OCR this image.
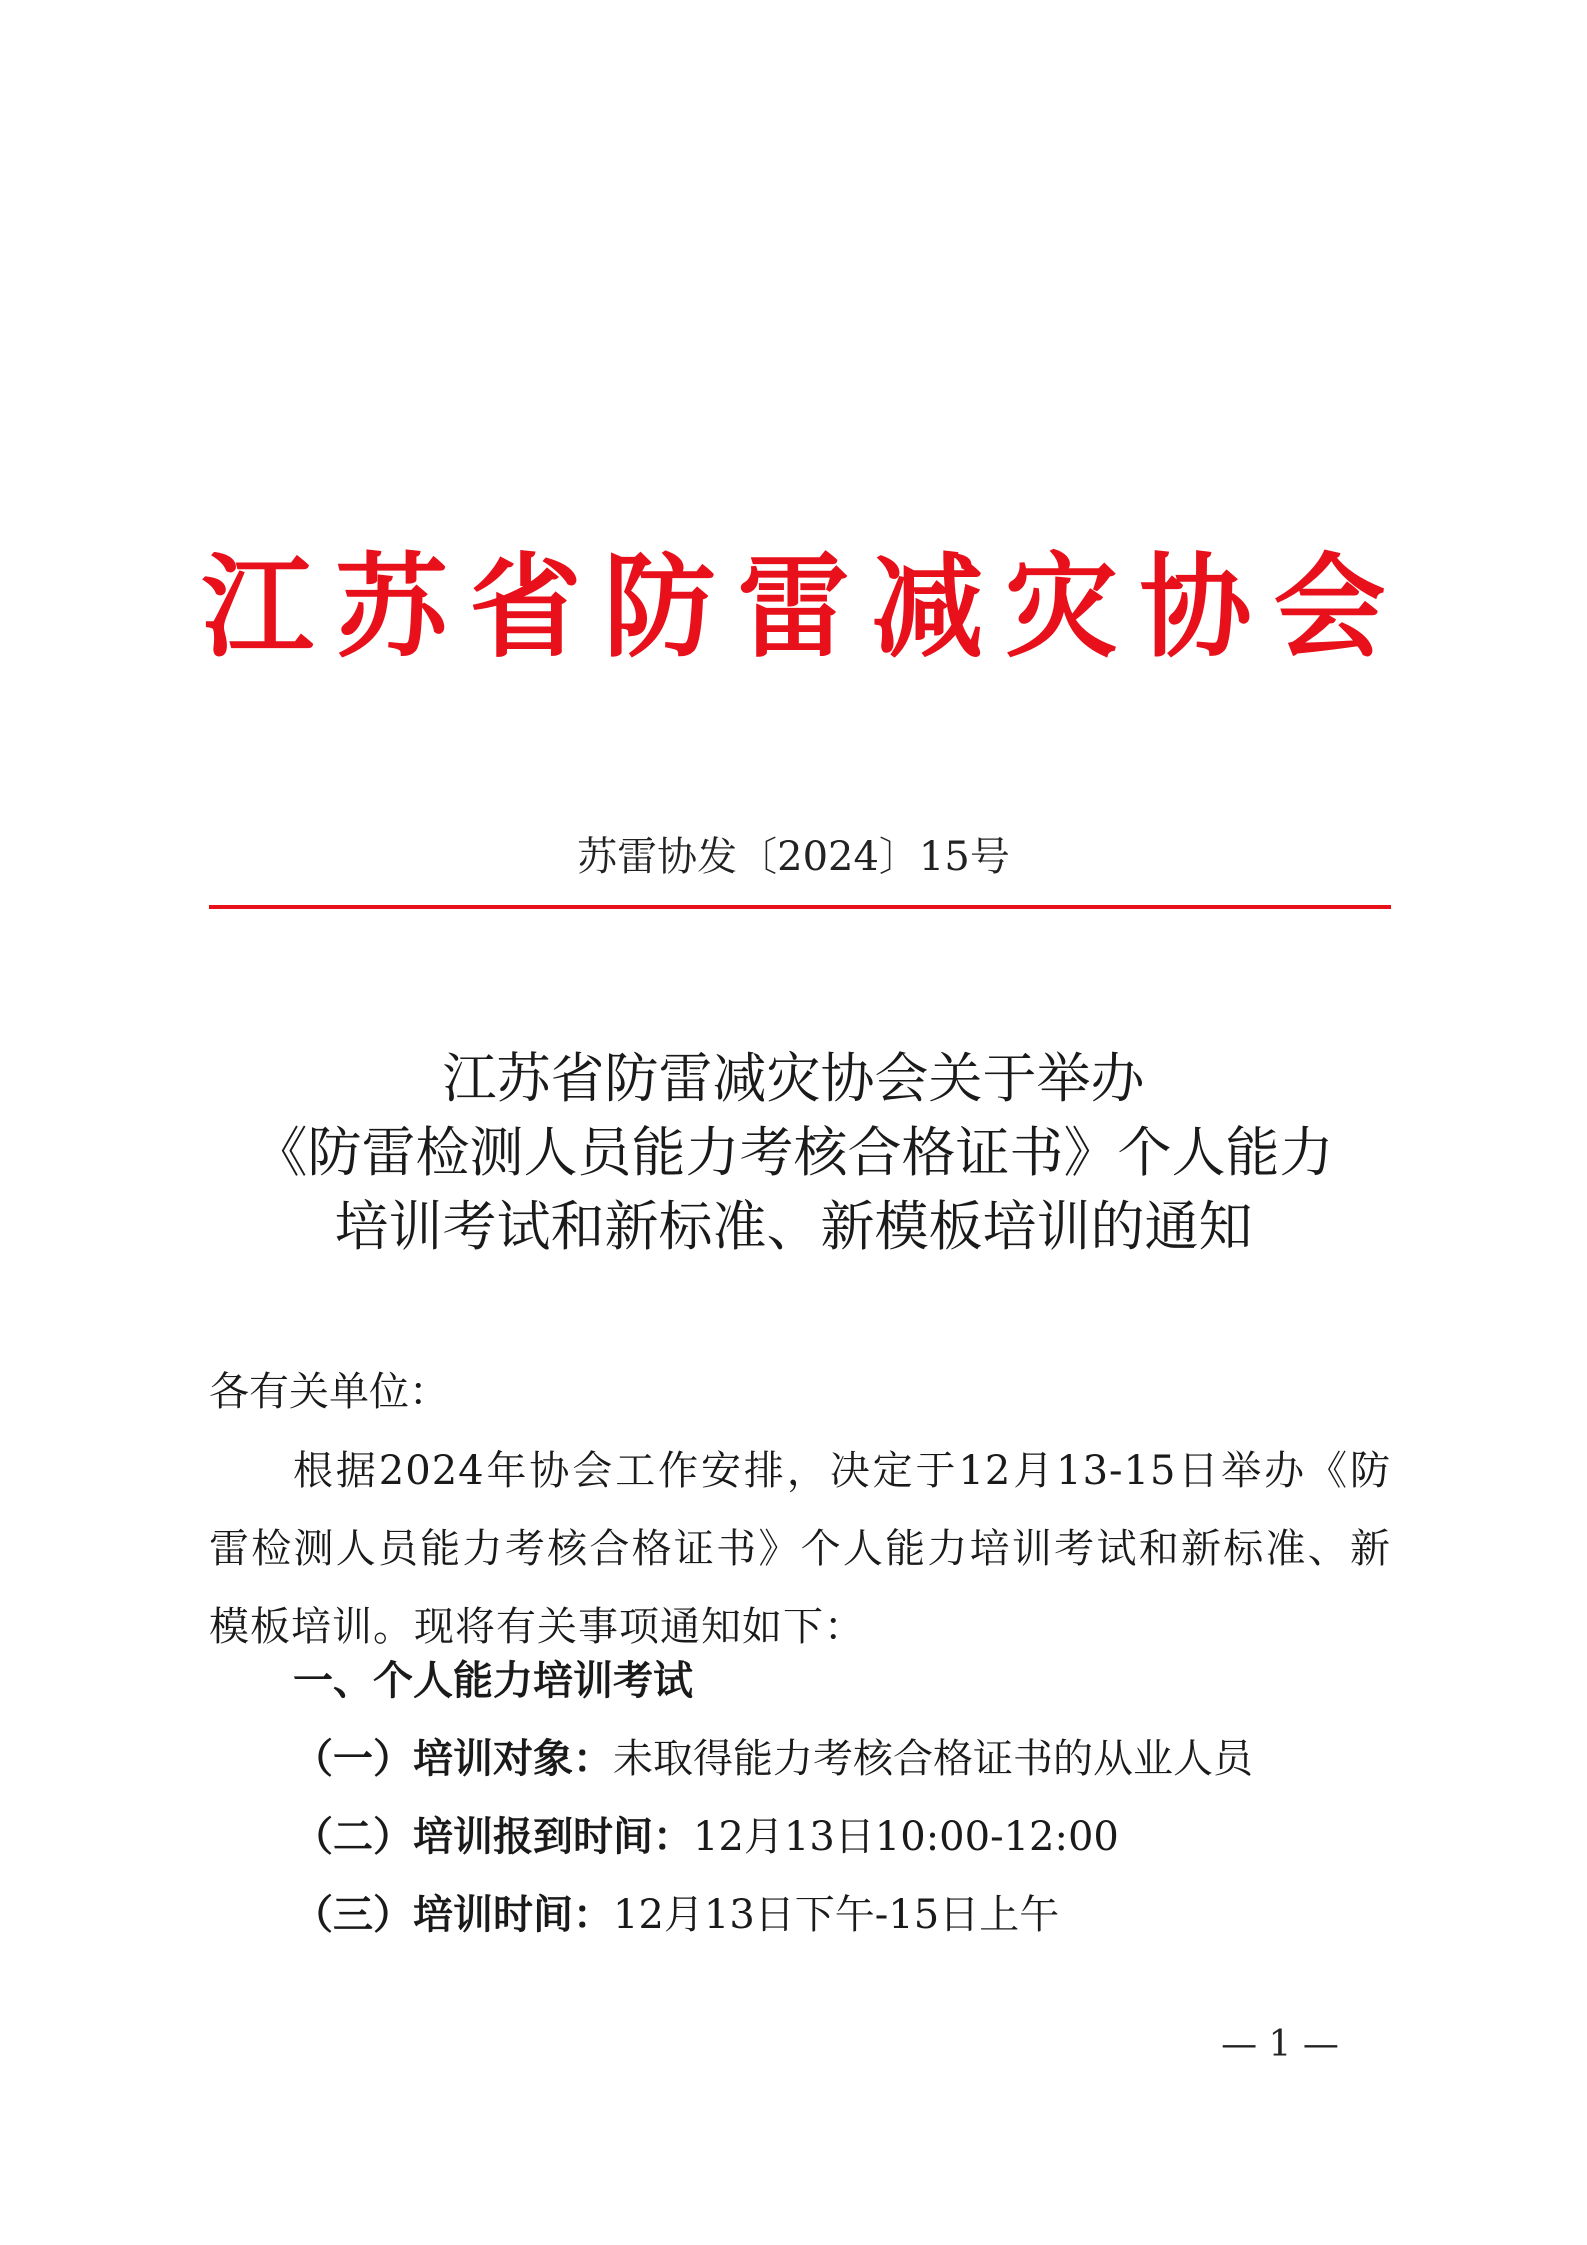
江苏省防雷减灾协会
苏雷协发〔2024〕15号
江苏省防雷减灾协会关于举办
《防雷检测人员能力考核合格证书》个人能力
培训考试和新标准、新模板培训的通知
各有关单位：
根据2024年协会工作安排，决定于12月13-15日举办《防雷检测人员能力考核合格证书》个人能力培训考试和新标准、新模板培训。现将有关事项通知如下：
一、个人能力培训考试
（一）培训对象：未取得能力考核合格证书的从业人员
（二）培训报到时间：12月13日10:00-12:00
（三）培训时间：12月13日下午-15日上午
— 1 —
